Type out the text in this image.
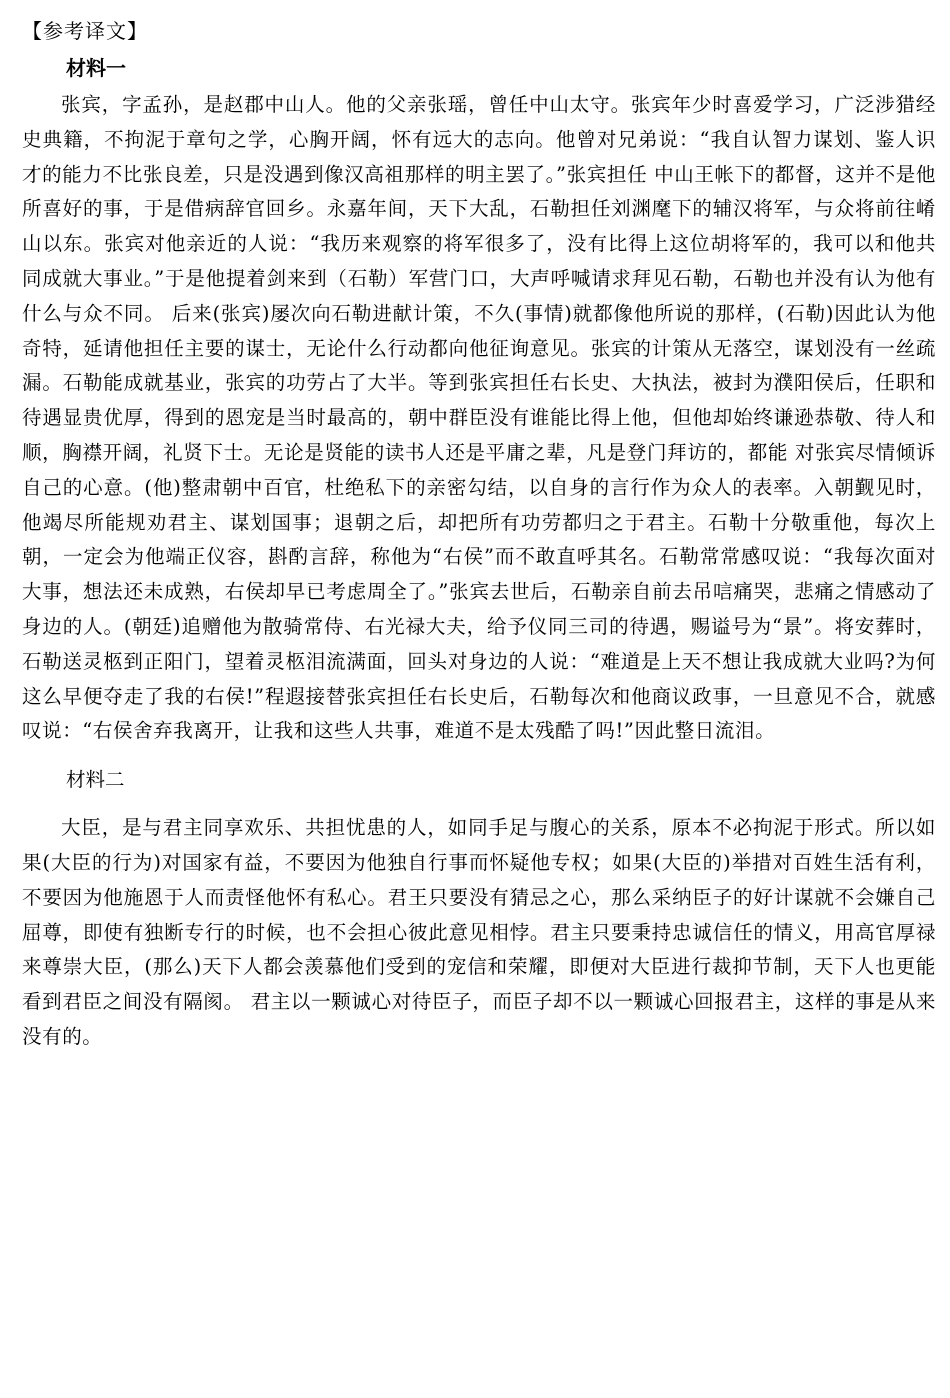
【参考译文】

材料一

张宾，字孟孙，是赵郡中山人。他的父亲张瑶，曾任中山太守。张宾年少时喜爱学习，广泛涉猎经史典籍，不拘泥于章句之学，心胸开阔，怀有远大的志向。他曾对兄弟说：“我自认智力谋划、鉴人识才的能力不比张良差，只是没遇到像汉高祖那样的明主罢了。”张宾担任 中山王帐下的都督，这并不是他所喜好的事，于是借病辞官回乡。永嘉年间，天下大乱，石勒担任刘渊麾下的辅汉将军，与众将前往崤山以东。张宾对他亲近的人说：“我历来观察的将军很多了，没有比得上这位胡将军的，我可以和他共同成就大事业。”于是他提着剑来到（石勒）军营门口，大声呼喊请求拜见石勒，石勒也并没有认为他有什么与众不同。 后来(张宾)屡次向石勒进献计策，不久(事情)就都像他所说的那样，(石勒)因此认为他奇特，延请他担任主要的谋士，无论什么行动都向他征询意见。张宾的计策从无落空，谋划没有一丝疏漏。石勒能成就基业，张宾的功劳占了大半。等到张宾担任右长史、大执法，被封为濮阳侯后，任职和待遇显贵优厚，得到的恩宠是当时最高的，朝中群臣没有谁能比得上他，但他却始终谦逊恭敬、待人和顺，胸襟开阔，礼贤下士。无论是贤能的读书人还是平庸之辈，凡是登门拜访的，都能 对张宾尽情倾诉自己的心意。(他)整肃朝中百官，杜绝私下的亲密勾结，以自身的言行作为众人的表率。入朝觐见时，他竭尽所能规劝君主、谋划国事；退朝之后，却把所有功劳都归之于君主。石勒十分敬重他，每次上朝，一定会为他端正仪容，斟酌言辞，称他为“右侯”而不敢直呼其名。石勒常常感叹说：“我每次面对大事，想法还未成熟，右侯却早已考虑周全了。”张宾去世后，石勒亲自前去吊唁痛哭，悲痛之情感动了身边的人。(朝廷)追赠他为散骑常侍、右光禄大夫，给予仪同三司的待遇，赐谥号为“景”。将安葬时，石勒送灵柩到正阳门，望着灵柩泪流满面，回头对身边的人说：“难道是上天不想让我成就大业吗?为何这么早便夺走了我的右侯!”程遐接替张宾担任右长史后，石勒每次和他商议政事，一旦意见不合，就感叹说：“右侯舍弃我离开，让我和这些人共事，难道不是太残酷了吗!”因此整日流泪。

材料二

大臣，是与君主同享欢乐、共担忧患的人，如同手足与腹心的关系，原本不必拘泥于形式。所以如果(大臣的行为)对国家有益，不要因为他独自行事而怀疑他专权；如果(大臣的)举措对百姓生活有利，不要因为他施恩于人而责怪他怀有私心。君王只要没有猜忌之心，那么采纳臣子的好计谋就不会嫌自己屈尊，即使有独断专行的时候，也不会担心彼此意见相悖。君主只要秉持忠诚信任的情义，用高官厚禄来尊崇大臣，(那么)天下人都会羡慕他们受到的宠信和荣耀，即便对大臣进行裁抑节制，天下人也更能看到君臣之间没有隔阂。 君主以一颗诚心对待臣子，而臣子却不以一颗诚心回报君主，这样的事是从来没有的。
